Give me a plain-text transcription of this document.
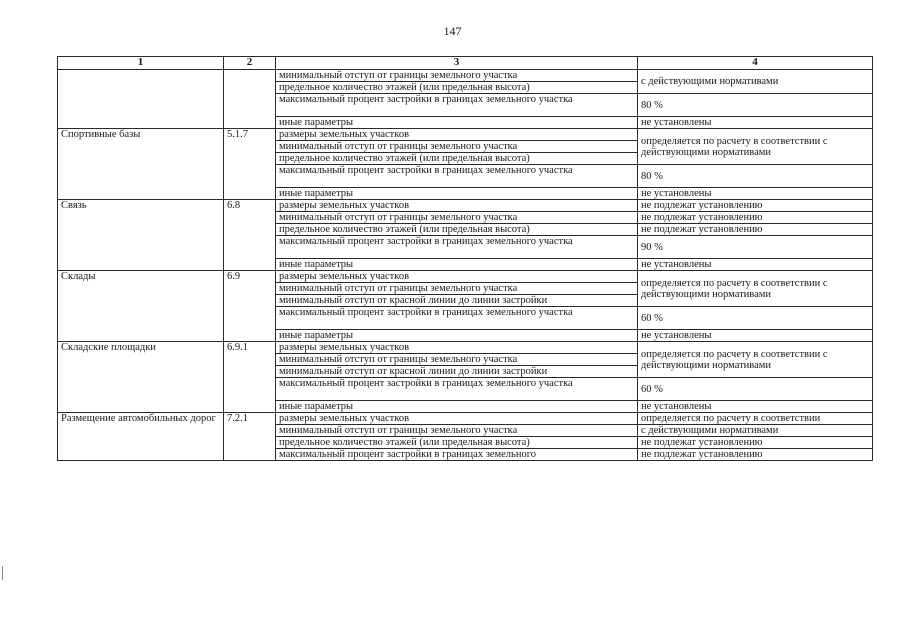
147
1	2	3	4
		минимальный отступ от границы земельного участка	с действующими нормативами
		предельное количество этажей (или предельная высота)	
		максимальный процент застройки в границах земельного участка	80 %
		иные параметры	не установлены
Спортивные базы	5.1.7	размеры земельных участков	определяется по расчету в соответствии с действующими нормативами
		минимальный отступ от границы земельного участка	
		предельное количество этажей (или предельная высота)	
		максимальный процент застройки в границах земельного участка	80 %
		иные параметры	не установлены
Связь	6.8	размеры земельных участков	не подлежат установлению
		минимальный отступ от границы земельного участка	не подлежат установлению
		предельное количество этажей (или предельная высота)	не подлежат установлению
		максимальный процент застройки в границах земельного участка	90 %
		иные параметры	не установлены
Склады	6.9	размеры земельных участков	определяется по расчету в соответствии с действующими нормативами
		минимальный отступ от границы земельного участка	
		минимальный отступ от красной линии до линии застройки	
		максимальный процент застройки в границах земельного участка	60 %
		иные параметры	не установлены
Складские площадки	6.9.1	размеры земельных участков	определяется по расчету в соответствии с действующими нормативами
		минимальный отступ от границы земельного участка	
		минимальный отступ от красной линии до линии застройки	
		максимальный процент застройки в границах земельного участка	60 %
		иные параметры	не установлены
Размещение автомобильных дорог	7.2.1	размеры земельных участков	определяется по расчету в соответствии
		минимальный отступ от границы земельного участка	с действующими нормативами
		предельное количество этажей (или предельная высота)	не подлежат установлению
		максимальный процент застройки в границах земельного	не подлежат установлению
